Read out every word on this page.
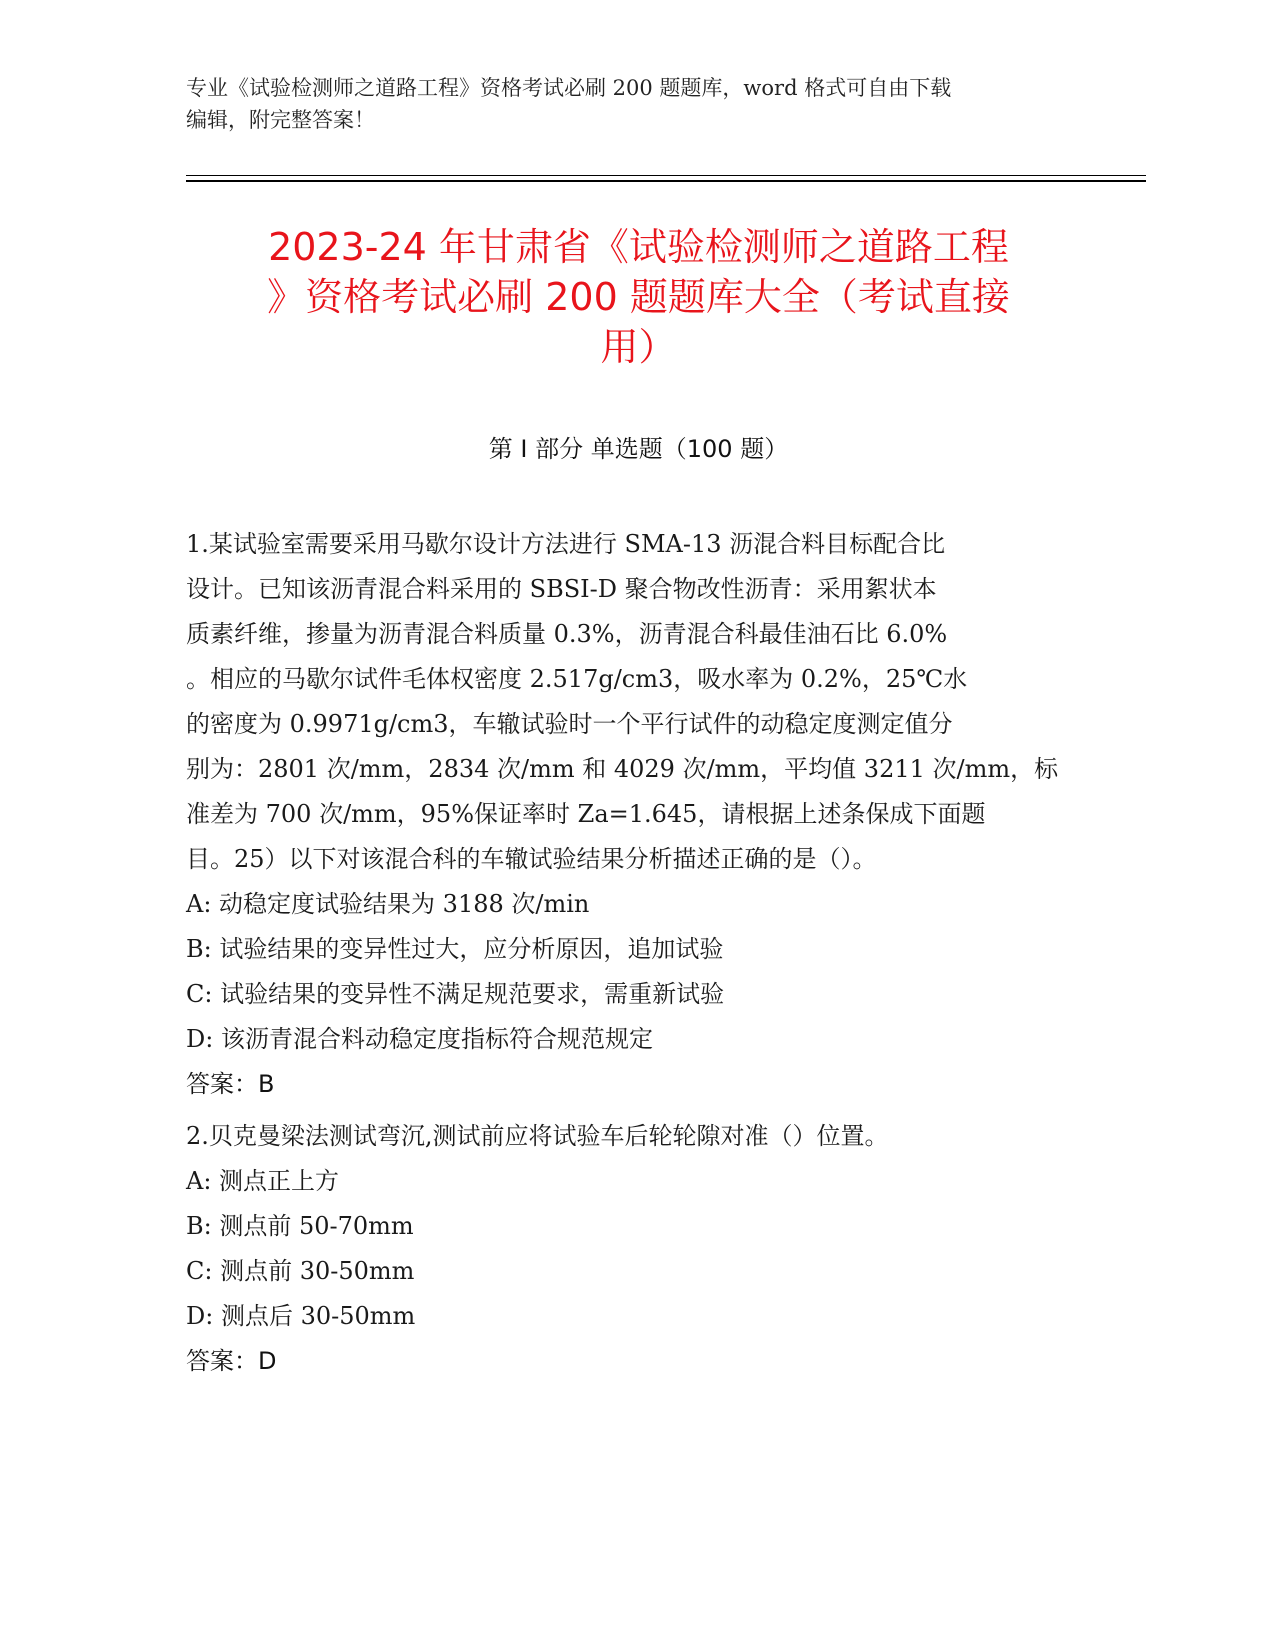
专业《试验检测师之道路工程》资格考试必刷 200 题题库，word 格式可自由下载
编辑，附完整答案！
2023-24 年甘肃省《试验检测师之道路工程
》资格考试必刷 200 题题库大全（考试直接
用）
第 I 部分 单选题（100 题）
1.某试验室需要采用马歇尔设计方法进行 SMA-13 沥混合料目标配合比
设计。已知该沥青混合料采用的 SBSI-D 聚合物改性沥青：采用絮状本
质素纤维，掺量为沥青混合料质量 0.3%，沥青混合科最佳油石比 6.0%
。相应的马歇尔试件毛体权密度 2.517g/cm3，吸水率为 0.2%，25℃水
的密度为 0.9971g/cm3，车辙试验时一个平行试件的动稳定度测定值分
别为：2801 次/mm，2834 次/mm 和 4029 次/mm，平均值 3211 次/mm，标
准差为 700 次/mm，95%保证率时 Za=1.645，请根据上述条保成下面题
目。25）以下对该混合科的车辙试验结果分析描述正确的是（）。
A: 动稳定度试验结果为 3188 次/min
B: 试验结果的变异性过大，应分析原因，追加试验
C: 试验结果的变异性不满足规范要求，需重新试验
D: 该沥青混合料动稳定度指标符合规范规定
答案：B
2.贝克曼梁法测试弯沉,测试前应将试验车后轮轮隙对准（）位置。
A: 测点正上方
B: 测点前 50-70mm
C: 测点前 30-50mm
D: 测点后 30-50mm
答案：D
